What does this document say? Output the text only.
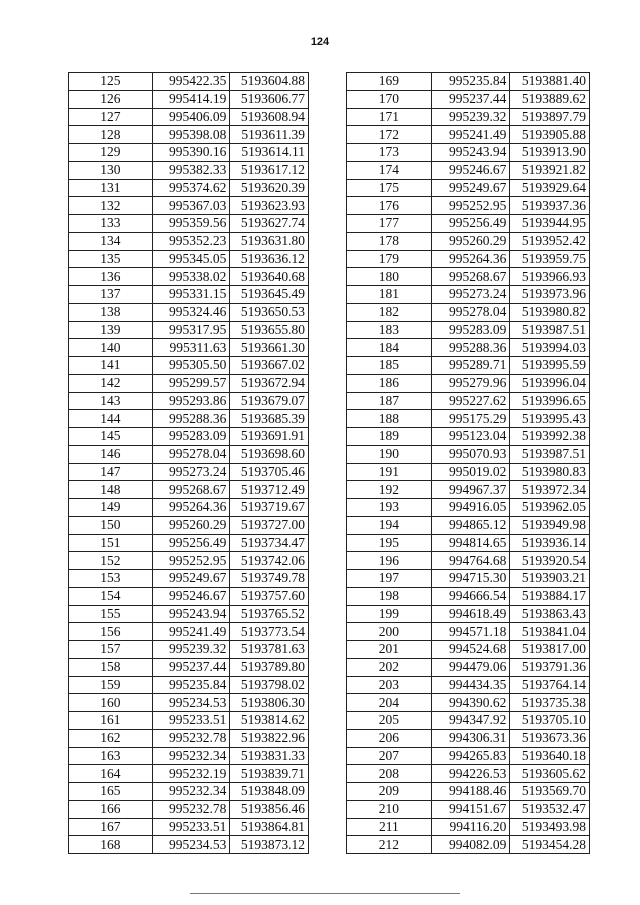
124
125	995422.35	5193604.88
126	995414.19	5193606.77
127	995406.09	5193608.94
128	995398.08	5193611.39
129	995390.16	5193614.11
130	995382.33	5193617.12
131	995374.62	5193620.39
132	995367.03	5193623.93
133	995359.56	5193627.74
134	995352.23	5193631.80
135	995345.05	5193636.12
136	995338.02	5193640.68
137	995331.15	5193645.49
138	995324.46	5193650.53
139	995317.95	5193655.80
140	995311.63	5193661.30
141	995305.50	5193667.02
142	995299.57	5193672.94
143	995293.86	5193679.07
144	995288.36	5193685.39
145	995283.09	5193691.91
146	995278.04	5193698.60
147	995273.24	5193705.46
148	995268.67	5193712.49
149	995264.36	5193719.67
150	995260.29	5193727.00
151	995256.49	5193734.47
152	995252.95	5193742.06
153	995249.67	5193749.78
154	995246.67	5193757.60
155	995243.94	5193765.52
156	995241.49	5193773.54
157	995239.32	5193781.63
158	995237.44	5193789.80
159	995235.84	5193798.02
160	995234.53	5193806.30
161	995233.51	5193814.62
162	995232.78	5193822.96
163	995232.34	5193831.33
164	995232.19	5193839.71
165	995232.34	5193848.09
166	995232.78	5193856.46
167	995233.51	5193864.81
168	995234.53	5193873.12
169	995235.84	5193881.40
170	995237.44	5193889.62
171	995239.32	5193897.79
172	995241.49	5193905.88
173	995243.94	5193913.90
174	995246.67	5193921.82
175	995249.67	5193929.64
176	995252.95	5193937.36
177	995256.49	5193944.95
178	995260.29	5193952.42
179	995264.36	5193959.75
180	995268.67	5193966.93
181	995273.24	5193973.96
182	995278.04	5193980.82
183	995283.09	5193987.51
184	995288.36	5193994.03
185	995289.71	5193995.59
186	995279.96	5193996.04
187	995227.62	5193996.65
188	995175.29	5193995.43
189	995123.04	5193992.38
190	995070.93	5193987.51
191	995019.02	5193980.83
192	994967.37	5193972.34
193	994916.05	5193962.05
194	994865.12	5193949.98
195	994814.65	5193936.14
196	994764.68	5193920.54
197	994715.30	5193903.21
198	994666.54	5193884.17
199	994618.49	5193863.43
200	994571.18	5193841.04
201	994524.68	5193817.00
202	994479.06	5193791.36
203	994434.35	5193764.14
204	994390.62	5193735.38
205	994347.92	5193705.10
206	994306.31	5193673.36
207	994265.83	5193640.18
208	994226.53	5193605.62
209	994188.46	5193569.70
210	994151.67	5193532.47
211	994116.20	5193493.98
212	994082.09	5193454.28
